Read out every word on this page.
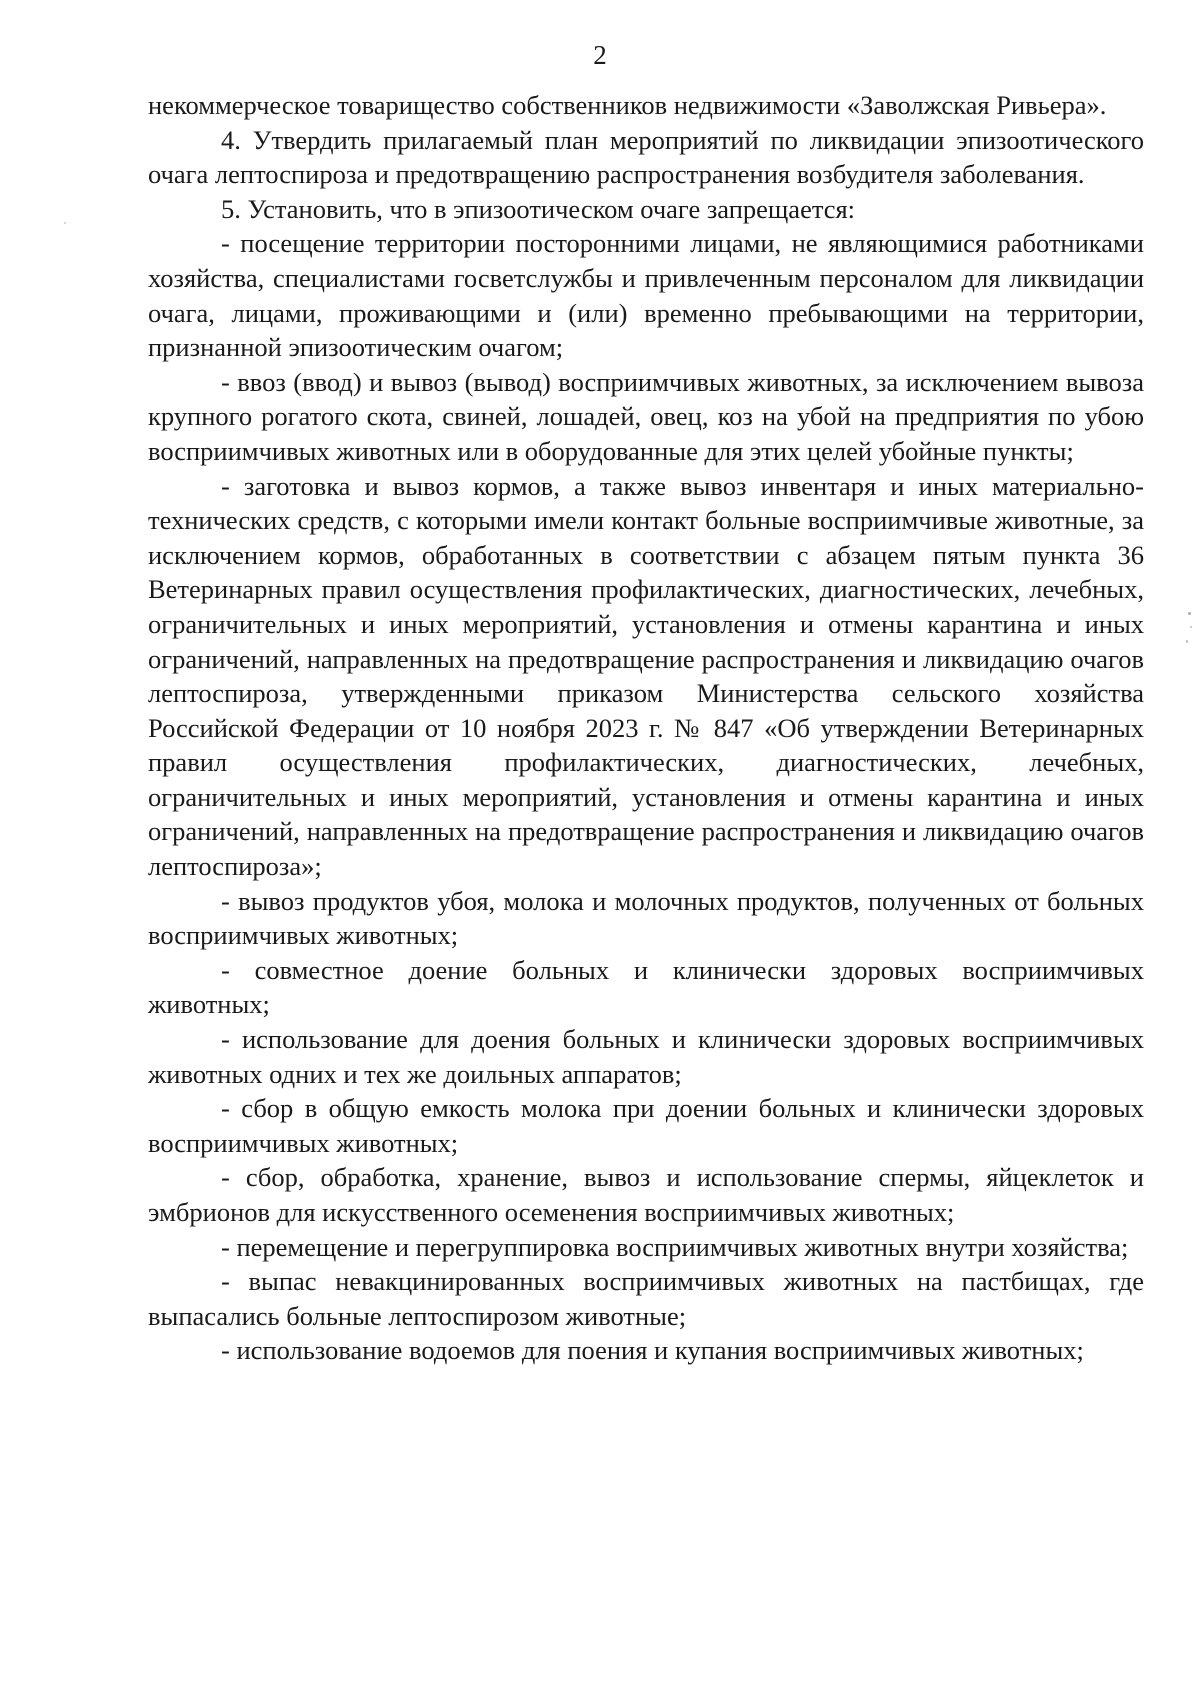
2

некоммерческое товарищество собственников недвижимости «Заволжская Ривьера».

4. Утвердить прилагаемый план мероприятий по ликвидации эпизоотического очага лептоспироза и предотвращению распространения возбудителя заболевания.

5. Установить, что в эпизоотическом очаге запрещается:

- посещение территории посторонними лицами, не являющимися работниками хозяйства, специалистами госветслужбы и привлеченным персоналом для ликвидации очага, лицами, проживающими и (или) временно пребывающими на территории, признанной эпизоотическим очагом;

- ввоз (ввод) и вывоз (вывод) восприимчивых животных, за исключением вывоза крупного рогатого скота, свиней, лошадей, овец, коз на убой на предприятия по убою восприимчивых животных или в оборудованные для этих целей убойные пункты;

- заготовка и вывоз кормов, а также вывоз инвентаря и иных материально-технических средств, с которыми имели контакт больные восприимчивые животные, за исключением кормов, обработанных в соответствии с абзацем пятым пункта 36 Ветеринарных правил осуществления профилактических, диагностических, лечебных, ограничительных и иных мероприятий, установления и отмены карантина и иных ограничений, направленных на предотвращение распространения и ликвидацию очагов лептоспироза, утвержденными приказом Министерства сельского хозяйства Российской Федерации от 10 ноября 2023 г. № 847 «Об утверждении Ветеринарных правил осуществления профилактических, диагностических, лечебных, ограничительных и иных мероприятий, установления и отмены карантина и иных ограничений, направленных на предотвращение распространения и ликвидацию очагов лептоспироза»;

- вывоз продуктов убоя, молока и молочных продуктов, полученных от больных восприимчивых животных;

- совместное доение больных и клинически здоровых восприимчивых животных;

- использование для доения больных и клинически здоровых восприимчивых животных одних и тех же доильных аппаратов;

- сбор в общую емкость молока при доении больных и клинически здоровых восприимчивых животных;

- сбор, обработка, хранение, вывоз и использование спермы, яйцеклеток и эмбрионов для искусственного осеменения восприимчивых животных;

- перемещение и перегруппировка восприимчивых животных внутри хозяйства;

- выпас невакцинированных восприимчивых животных на пастбищах, где выпасались больные лептоспирозом животные;

- использование водоемов для поения и купания восприимчивых животных;
